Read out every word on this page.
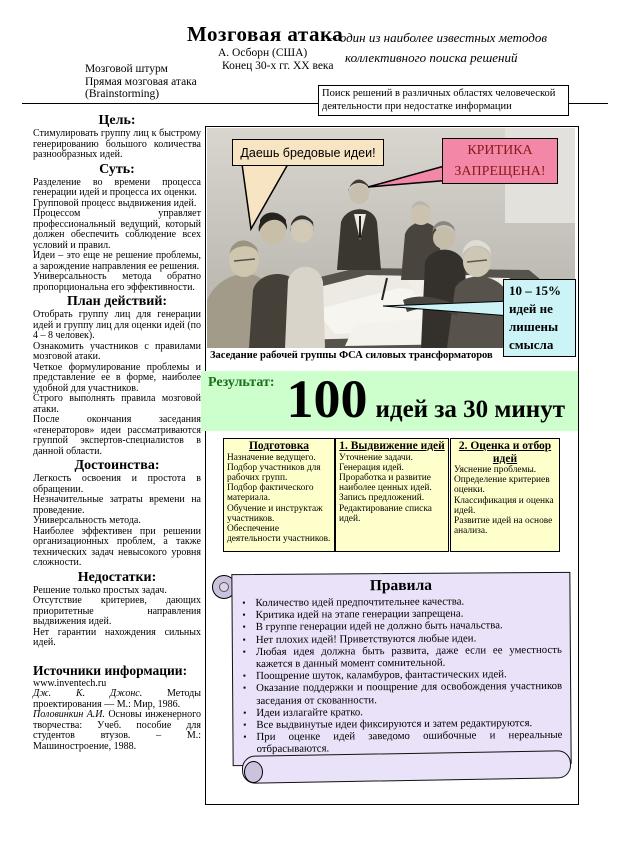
Мозговая атака
– один из наиболее известных методов
коллективного поиска решений
А. Осборн (США)
Конец 30-х гг. XX века
Мозговой штурм
Прямая мозговая атака
(Brainstorming)	Поиск решений в различных областях человеческой деятельности при недостатке информации
Цель:

Стимулировать группу лиц к быстрому генерированию большого количества разнообразных идей.

Суть:

Разделение во времени процесса генерации идей и процесса их оценки.

Групповой процесс выдвижения идей.

Процессом управляет профессиональный ведущий, который должен обеспечить соблюдение всех условий и правил.

Идеи – это еще не решение проблемы, а зарождение направления ее решения.

Универсальность метода обратно пропорциональна его эффективности.

План действий:

Отобрать группу лиц для генерации идей и группу лиц для оценки идей (по 4 – 8 человек).

Ознакомить участников с правилами мозговой атаки.

Четкое формулирование проблемы и представление ее в форме, наиболее удобной для участников.

Строго выполнять правила мозговой атаки.

После окончания заседания «генераторов» идеи рассматриваются группой экспертов-специалистов в данной области.

Достоинства:

Легкость освоения и простота в обращении.

Незначительные затраты времени на проведение.

Универсальность метода.

Наиболее эффективен при решении организационных проблем, а также технических задач невысокого уровня сложности.

Недостатки:

Решение только простых задач.

Отсутствие критериев, дающих приоритетные направления выдвижения идей.

Нет гарантии нахождения сильных идей.

Источники информации:

www.inventech.ru

Дж. К. Джонс. Методы проектирования — М.: Мир, 1986.

Половинкин А.И. Основы инженерного творчества: Учеб. пособие для студентов втузов. – М.: Машиностроение, 1988.

Даешь бредовые идеи!	КРИТИКА
ЗАПРЕЩЕНА!
10 – 15%
идей не
лишены
смысла
Заседание рабочей группы ФСА силовых трансформаторов
Подготовка
Назначение ведущего.
Подбор участников для рабочих групп.
Подбор фактического материала.
Обучение и инструктаж участников.
Обеспечение деятельности участников.
1. Выдвижение идей
Уточнение задачи.
Генерация идей.
Проработка и развитие наиболее ценных идей.
Запись предложений.
Редактирование списка идей.
2. Оценка и отбор идей
Уяснение проблемы.
Определение критериев оценки.
Классификация и оценка идей.
Развитие идей на основе анализа.
Правила
▪ Количество идей предпочтительнее качества.
▪ Критика идей на этапе генерации запрещена.
▪ В группе генерации идей не должно быть начальства.
▪ Нет плохих идей! Приветствуются любые идеи.
▪ Любая идея должна быть развита, даже если ее уместность кажется в данный момент сомнительной.
▪ Поощрение шуток, каламбуров, фантастических идей.
▪ Оказание поддержки и поощрение для освобождения участников заседания от скованности.
▪ Идеи излагайте кратко.
▪ Все выдвинутые идеи фиксируются и затем редактируются.
▪ При оценке идей заведомо ошибочные и нереальные отбрасываются.
Результат: 100 идей за 30 минут
